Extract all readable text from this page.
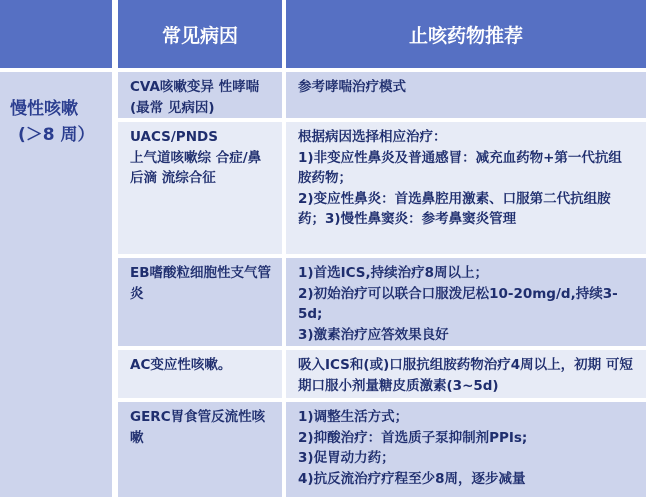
常见病因	止咳药物推荐
慢性咳嗽
(＞8 周）
CVA咳嗽变异 性哮喘(最常 见病因)
参考哮喘治疗模式
UACS/PNDS
上气道咳嗽综 合症/鼻后滴 流综合征
根据病因选择相应治疗：
1)非变应性鼻炎及普通感冒：减充血药物+第一代抗组 胺药物；
2)变应性鼻炎：首选鼻腔用激素、口服第二代抗组胺 药；3)慢性鼻窦炎：参考鼻窦炎管理
EB嗜酸粒细胞性支气管炎
1)首选ICS,持续治疗8周以上；
2)初始治疗可以联合口服泼尼松10-20mg/d,持续3- 5d;
3)激素治疗应答效果良好
AC变应性咳嗽。	吸入ICS和(或)口服抗组胺药物治疗4周以上，初期 可短期口服小剂量糖皮质激素(3~5d)
GERC胃食管反流性咳嗽
1)调整生活方式；
2)抑酸治疗：首选质子泵抑制剂PPIs;
3)促胃动力药；
4)抗反流治疗疗程至少8周，逐步减量
